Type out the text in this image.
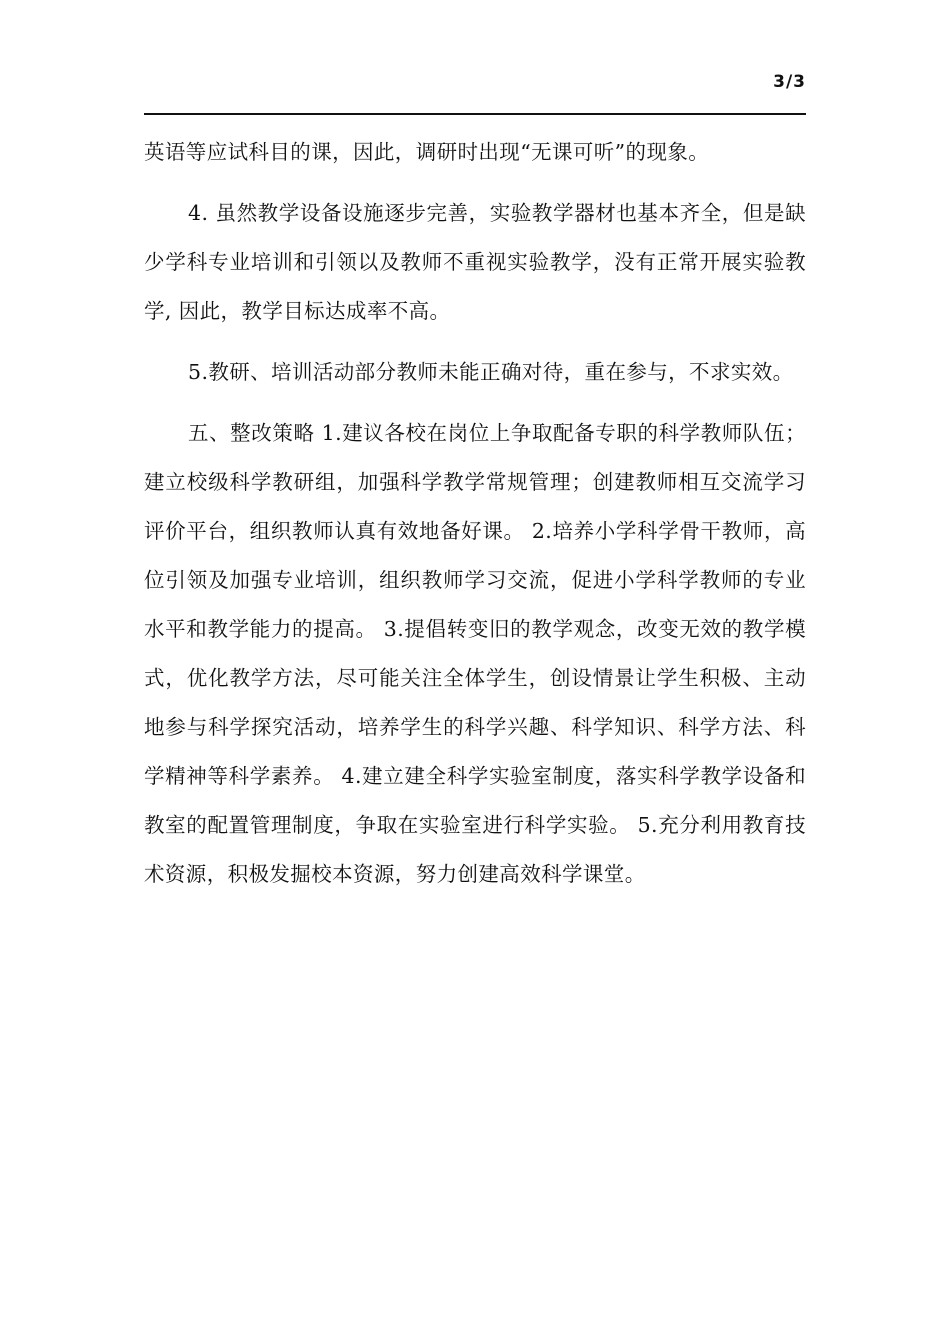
3/3

英语等应试科目的课，因此，调研时出现“无课可听”的现象。

4. 虽然教学设备设施逐步完善，实验教学器材也基本齐全，但是缺少学科专业培训和引领以及教师不重视实验教学，没有正常开展实验教学, 因此，教学目标达成率不高。

5.教研、培训活动部分教师未能正确对待，重在参与，不求实效。

五、整改策略 1.建议各校在岗位上争取配备专职的科学教师队伍；建立校级科学教研组，加强科学教学常规管理；创建教师相互交流学习评价平台，组织教师认真有效地备好课。 2.培养小学科学骨干教师，高位引领及加强专业培训，组织教师学习交流，促进小学科学教师的专业水平和教学能力的提高。 3.提倡转变旧的教学观念，改变无效的教学模式，优化教学方法，尽可能关注全体学生，创设情景让学生积极、主动地参与科学探究活动，培养学生的科学兴趣、科学知识、科学方法、科学精神等科学素养。 4.建立建全科学实验室制度，落实科学教学设备和教室的配置管理制度，争取在实验室进行科学实验。 5.充分利用教育技术资源，积极发掘校本资源，努力创建高效科学课堂。
